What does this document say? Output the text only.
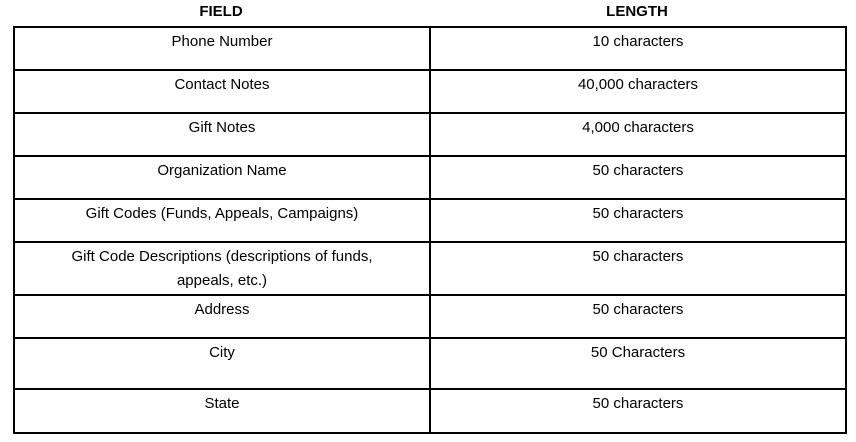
FIELD	LENGTH
Phone Number	10 characters
Contact Notes	40,000 characters
Gift Notes	4,000 characters
Organization Name	50 characters
Gift Codes (Funds, Appeals, Campaigns)	50 characters
Gift Code Descriptions (descriptions of funds, appeals, etc.)	50 characters
Address	50 characters
City	50 Characters
State	50 characters
